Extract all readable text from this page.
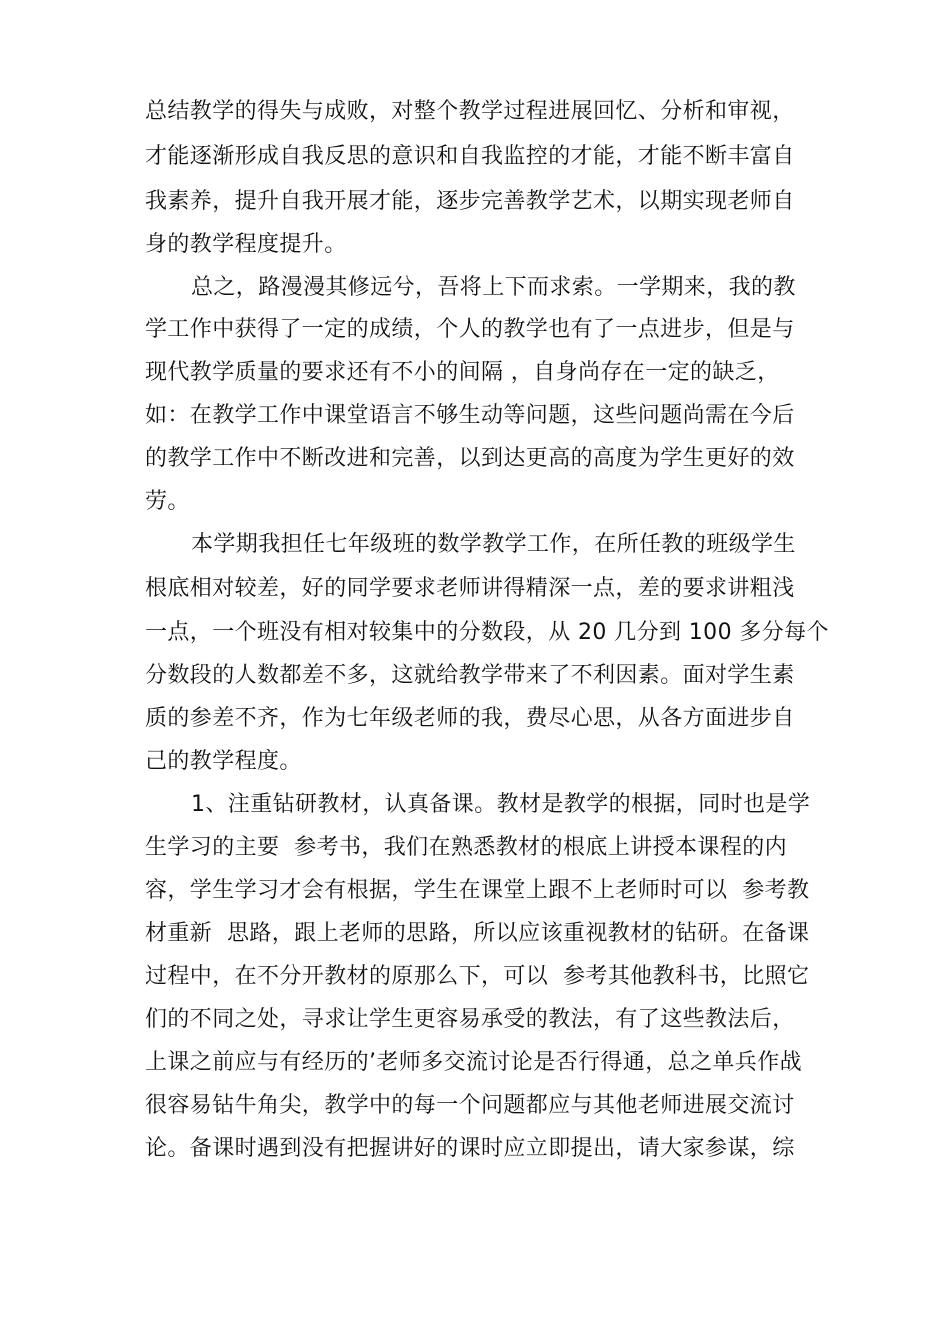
总结教学的得失与成败，对整个教学过程进展回忆、分析和审视，
才能逐渐形成自我反思的意识和自我监控的才能，才能不断丰富自
我素养，提升自我开展才能，逐步完善教学艺术，以期实现老师自
身的教学程度提升。
总之，路漫漫其修远兮，吾将上下而求索。一学期来，我的教
学工作中获得了一定的成绩，个人的教学也有了一点进步，但是与
现代教学质量的要求还有不小的间隔 ，自身尚存在一定的缺乏，
如：在教学工作中课堂语言不够生动等问题，这些问题尚需在今后
的教学工作中不断改进和完善，以到达更高的高度为学生更好的效
劳。
本学期我担任七年级班的数学教学工作，在所任教的班级学生
根底相对较差，好的同学要求老师讲得精深一点，差的要求讲粗浅
一点，一个班没有相对较集中的分数段，从 20 几分到 100 多分每个
分数段的人数都差不多，这就给教学带来了不利因素。面对学生素
质的参差不齐，作为七年级老师的我，费尽心思，从各方面进步自
己的教学程度。
1、注重钻研教材，认真备课。教材是教学的根据，同时也是学
生学习的主要  参考书，我们在熟悉教材的根底上讲授本课程的内
容，学生学习才会有根据，学生在课堂上跟不上老师时可以  参考教
材重新  思路，跟上老师的思路，所以应该重视教材的钻研。在备课
过程中，在不分开教材的原那么下，可以  参考其他教科书，比照它
们的不同之处，寻求让学生更容易承受的教法，有了这些教法后，
上课之前应与有经历的’老师多交流讨论是否行得通，总之单兵作战
很容易钻牛角尖，教学中的每一个问题都应与其他老师进展交流讨
论。备课时遇到没有把握讲好的课时应立即提出，请大家参谋，综
